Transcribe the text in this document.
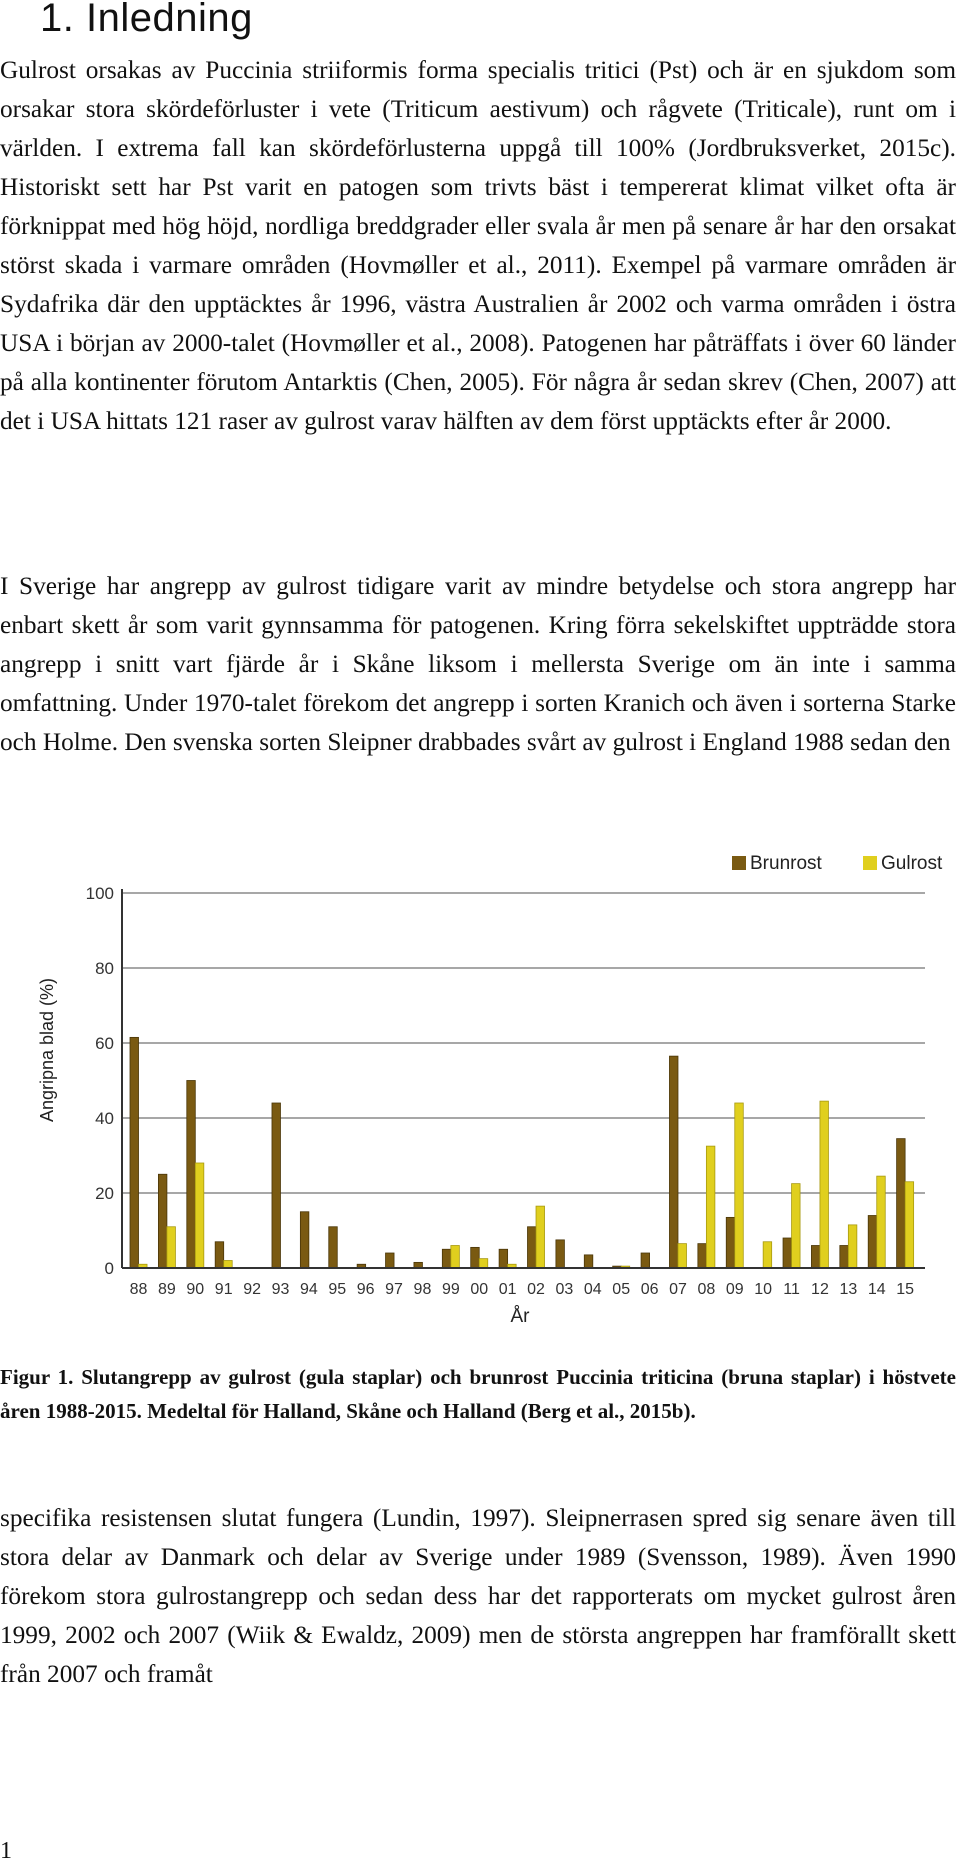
1. Inledning

Gulrost orsakas av Puccinia striiformis forma specialis tritici (Pst) och är en sjukdom som orsakar stora skördeförluster i vete (Triticum aestivum) och rågvete (Triticale), runt om i världen. I extrema fall kan skördeförlusterna uppgå till 100% (Jordbruksverket, 2015c). Historiskt sett har Pst varit en patogen som trivts bäst i tempererat klimat vilket ofta är förknippat med hög höjd, nordliga breddgrader eller svala år men på senare år har den orsakat störst skada i varmare områden (Hovmøller et al., 2011). Exempel på varmare områden är Sydafrika där den upptäcktes år 1996, västra Australien år 2002 och varma områden i östra USA i början av 2000-talet (Hovmøller et al., 2008). Patogenen har påträffats i över 60 länder på alla kontinenter förutom Antarktis (Chen, 2005). För några år sedan skrev (Chen, 2007) att det i USA hittats 121 raser av gulrost varav hälften av dem först upptäckts efter år 2000.

I Sverige har angrepp av gulrost tidigare varit av mindre betydelse och stora angrepp har enbart skett år som varit gynnsamma för patogenen. Kring förra sekelskiftet uppträdde stora angrepp i snitt vart fjärde år i Skåne liksom i mellersta Sverige om än inte i samma omfattning. Under 1970-talet förekom det angrepp i sorten Kranich och även i sorterna Starke och Holme. Den svenska sorten Sleipner drabbades svårt av gulrost i England 1988 sedan den

0
20
40
60
80
100
88 89 90 91 92 93 94 95 96 97 98 99 00 01 02 03 04 05 06 07 08 09 10 11 12 13 14 15
Angripna blad (%)
År
Brunrost	Gulrost

Figur 1. Slutangrepp av gulrost (gula staplar) och brunrost Puccinia triticina (bruna staplar) i höstvete åren 1988-2015. Medeltal för Halland, Skåne och Halland (Berg et al., 2015b).

specifika resistensen slutat fungera (Lundin, 1997). Sleipnerrasen spred sig senare även till stora delar av Danmark och delar av Sverige under 1989 (Svensson, 1989). Även 1990 förekom stora gulrostangrepp och sedan dess har det rapporterats om mycket gulrost åren 1999, 2002 och 2007 (Wiik & Ewaldz, 2009) men de största angreppen har framförallt skett från 2007 och framåt

1
